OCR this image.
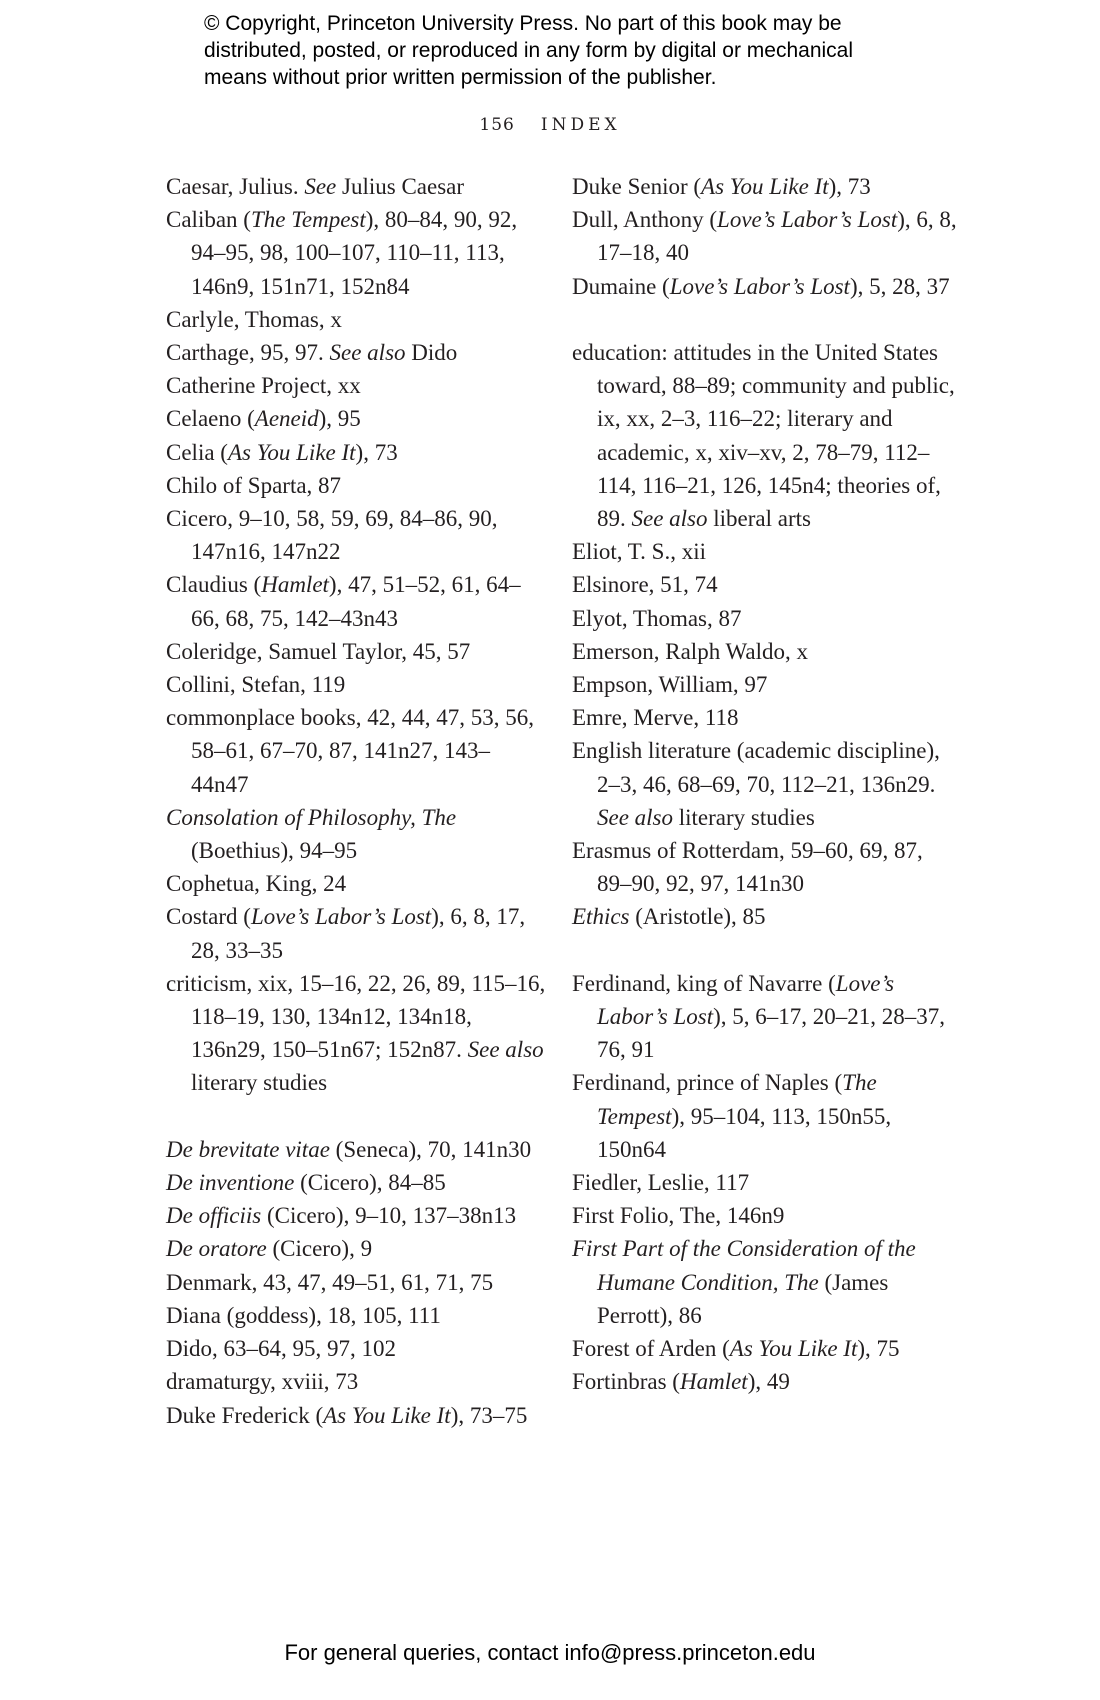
© Copyright, Princeton University Press. No part of this book may be
distributed, posted, or reproduced in any form by digital or mechanical
means without prior written permission of the publisher.
156 INDEX
Caesar, Julius. See Julius Caesar
Caliban (The Tempest), 80–84, 90, 92, 94–95, 98, 100–107, 110–11, 113, 146n9, 151n71, 152n84
Carlyle, Thomas, x
Carthage, 95, 97. See also Dido
Catherine Project, xx
Celaeno (Aeneid), 95
Celia (As You Like It), 73
Chilo of Sparta, 87
Cicero, 9–10, 58, 59, 69, 84–86, 90, 147n16, 147n22
Claudius (Hamlet), 47, 51–52, 61, 64–66, 68, 75, 142–43n43
Coleridge, Samuel Taylor, 45, 57
Collini, Stefan, 119
commonplace books, 42, 44, 47, 53, 56, 58–61, 67–70, 87, 141n27, 143–44n47
Consolation of Philosophy, The (Boethius), 94–95
Cophetua, King, 24
Costard (Love’s Labor’s Lost), 6, 8, 17, 28, 33–35
criticism, xix, 15–16, 22, 26, 89, 115–16, 118–19, 130, 134n12, 134n18, 136n29, 150–51n67; 152n87. See also literary studies
De brevitate vitae (Seneca), 70, 141n30
De inventione (Cicero), 84–85
De officiis (Cicero), 9–10, 137–38n13
De oratore (Cicero), 9
Denmark, 43, 47, 49–51, 61, 71, 75
Diana (goddess), 18, 105, 111
Dido, 63–64, 95, 97, 102
dramaturgy, xviii, 73
Duke Frederick (As You Like It), 73–75
Duke Senior (As You Like It), 73
Dull, Anthony (Love’s Labor’s Lost), 6, 8, 17–18, 40
Dumaine (Love’s Labor’s Lost), 5, 28, 37
education: attitudes in the United States toward, 88–89; community and public, ix, xx, 2–3, 116–22; literary and academic, x, xiv–xv, 2, 78–79, 112–114, 116–21, 126, 145n4; theories of, 89. See also liberal arts
Eliot, T. S., xii
Elsinore, 51, 74
Elyot, Thomas, 87
Emerson, Ralph Waldo, x
Empson, William, 97
Emre, Merve, 118
English literature (academic discipline), 2–3, 46, 68–69, 70, 112–21, 136n29. See also literary studies
Erasmus of Rotterdam, 59–60, 69, 87, 89–90, 92, 97, 141n30
Ethics (Aristotle), 85
Ferdinand, king of Navarre (Love’s Labor’s Lost), 5, 6–17, 20–21, 28–37, 76, 91
Ferdinand, prince of Naples (The Tempest), 95–104, 113, 150n55, 150n64
Fiedler, Leslie, 117
First Folio, The, 146n9
First Part of the Consideration of the Humane Condition, The (James Perrott), 86
Forest of Arden (As You Like It), 75
Fortinbras (Hamlet), 49
For general queries, contact info@press.princeton.edu
